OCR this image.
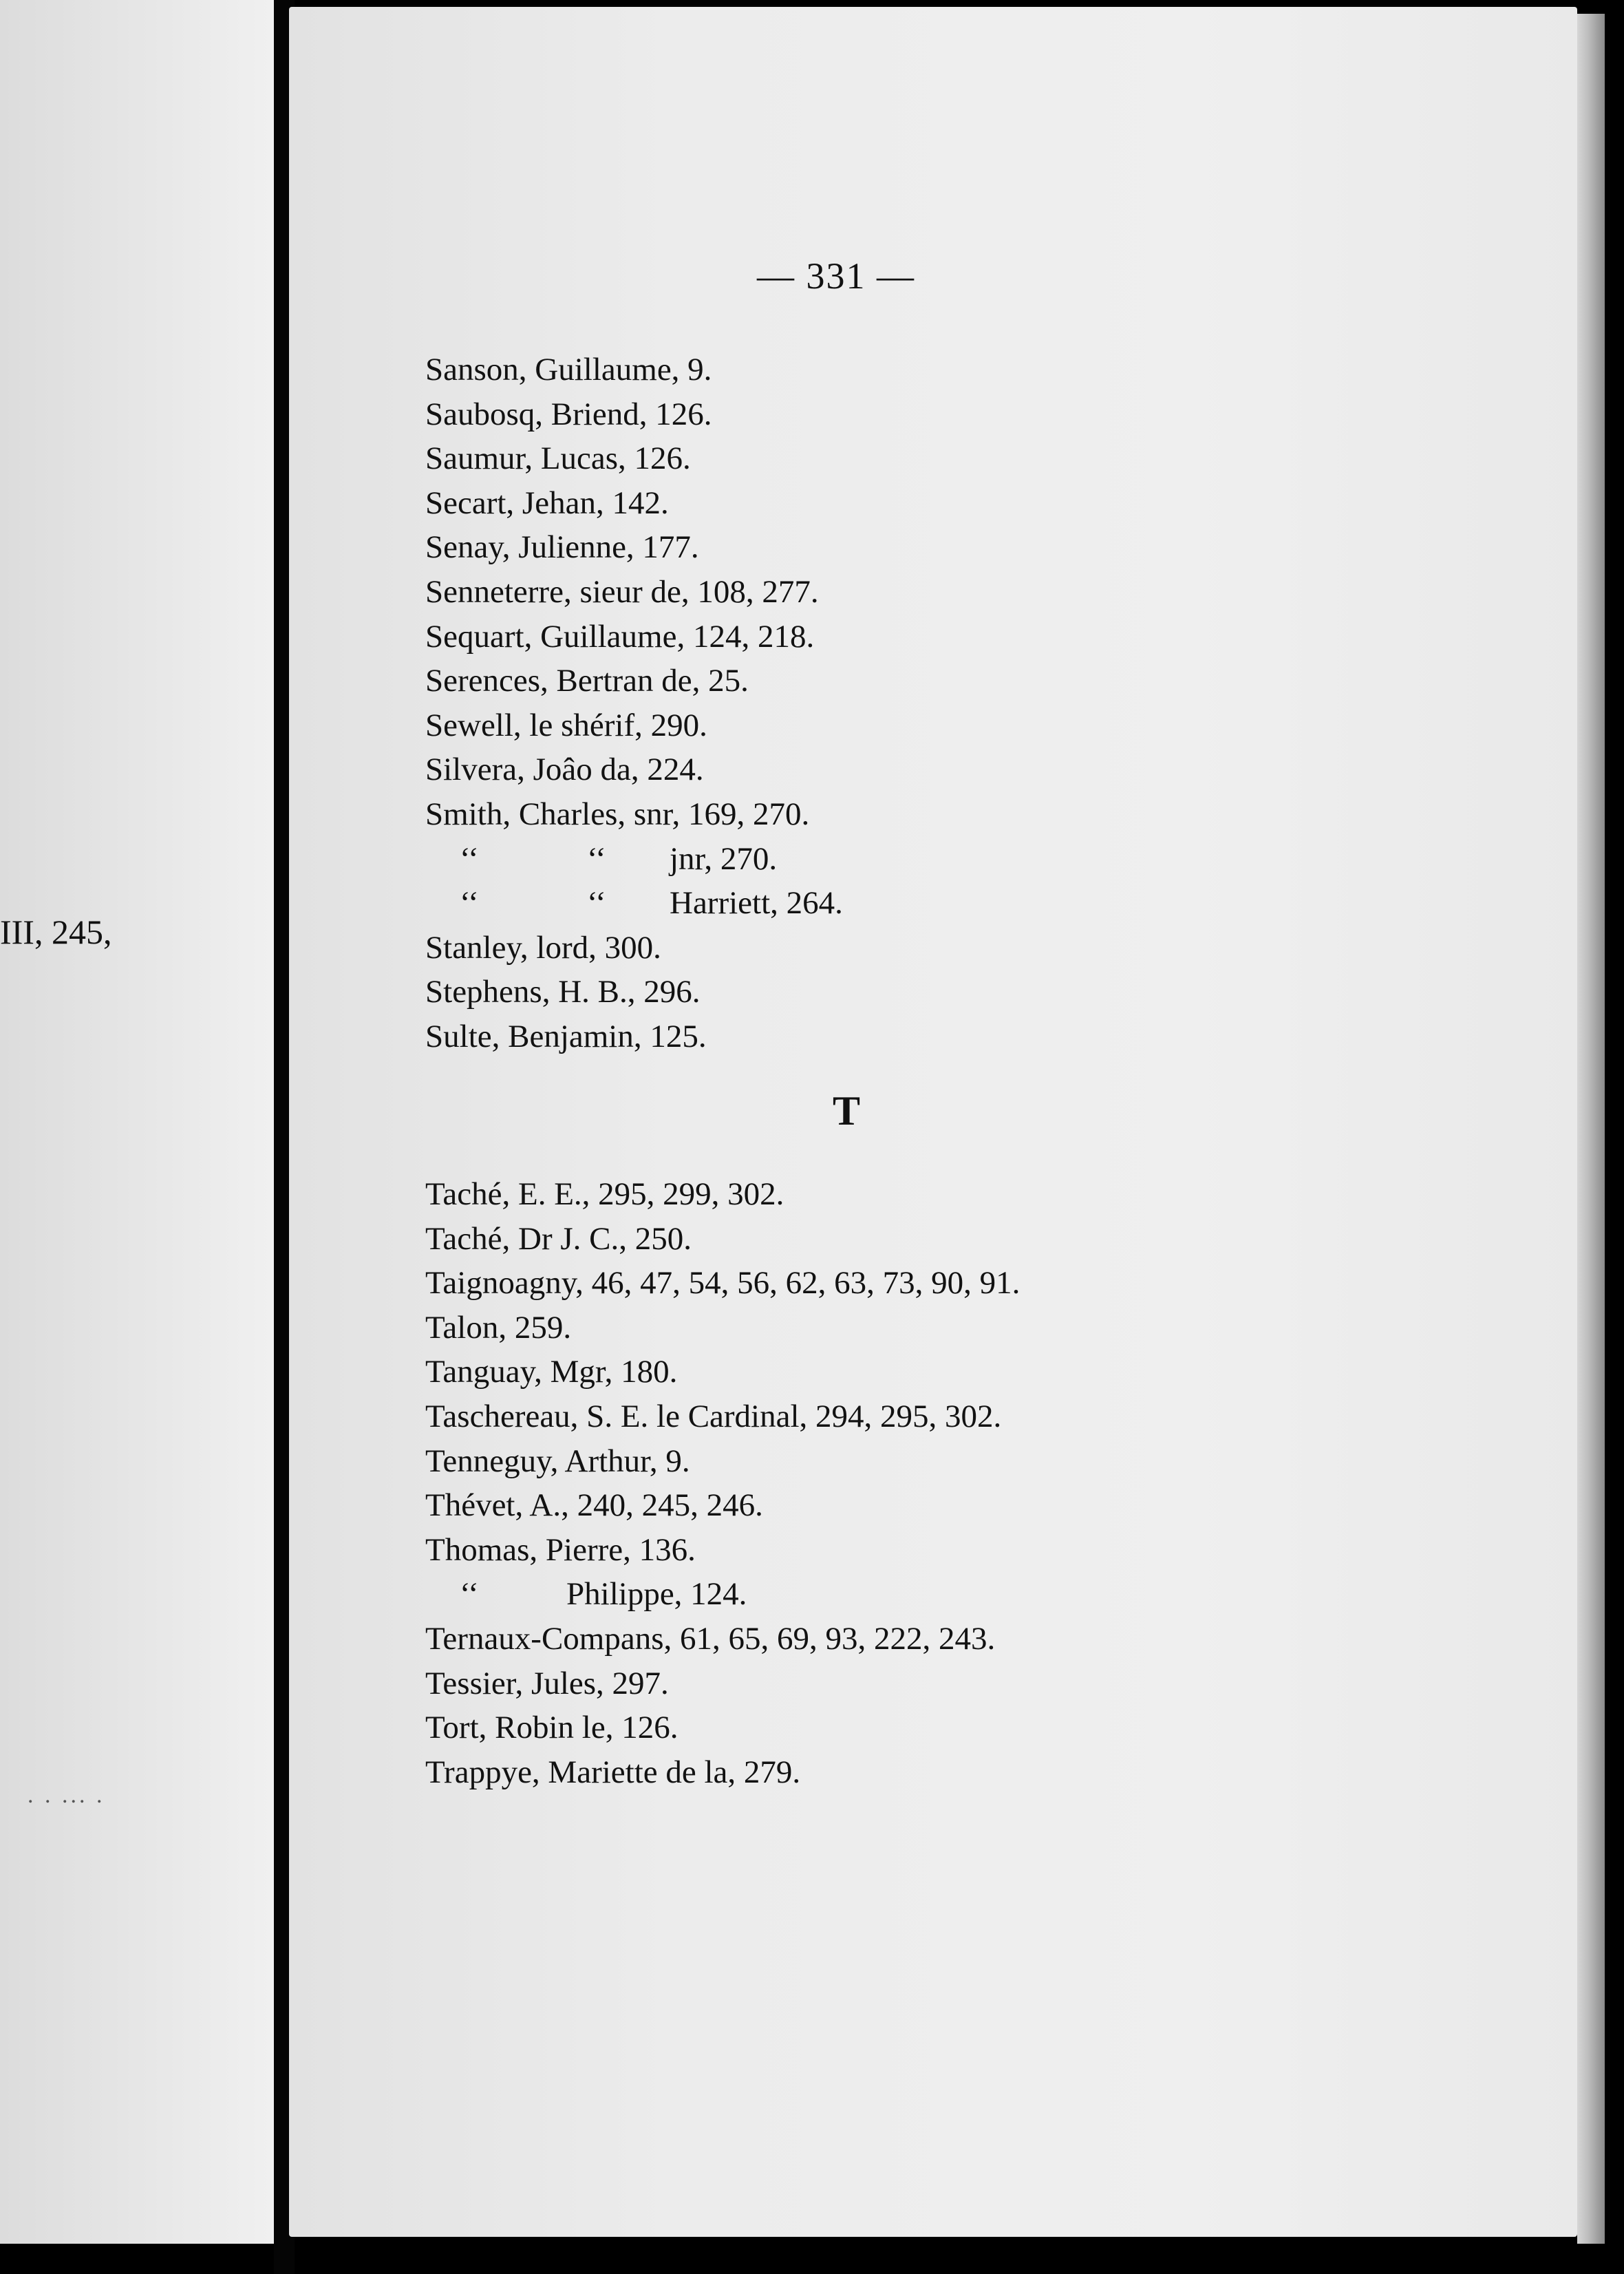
III, 245,
. . ... .
— 331 —
Sanson, Guillaume, 9.
Saubosq, Briend, 126.
Saumur, Lucas, 126.
Secart, Jehan, 142.
Senay, Julienne, 177.
Senneterre, sieur de, 108, 277.
Sequart, Guillaume, 124, 218.
Serences, Bertran de, 25.
Sewell, le shérif, 290.
Silvera, Joâo da, 224.
Smith, Charles, snr, 169, 270.
‘‘	‘‘ jnr, 270.
‘‘	‘‘ Harriett, 264.
Stanley, lord, 300.
Stephens, H. B., 296.
Sulte, Benjamin, 125.
T
Taché, E. E., 295, 299, 302.
Taché, Dr J. C., 250.
Taignoagny, 46, 47, 54, 56, 62, 63, 73, 90, 91.
Talon, 259.
Tanguay, Mgr, 180.
Taschereau, S. E. le Cardinal, 294, 295, 302.
Tenneguy, Arthur, 9.
Thévet, A., 240, 245, 246.
Thomas, Pierre, 136.
‘‘	Philippe, 124.
Ternaux-Compans, 61, 65, 69, 93, 222, 243.
Tessier, Jules, 297.
Tort, Robin le, 126.
Trappye, Mariette de la, 279.
